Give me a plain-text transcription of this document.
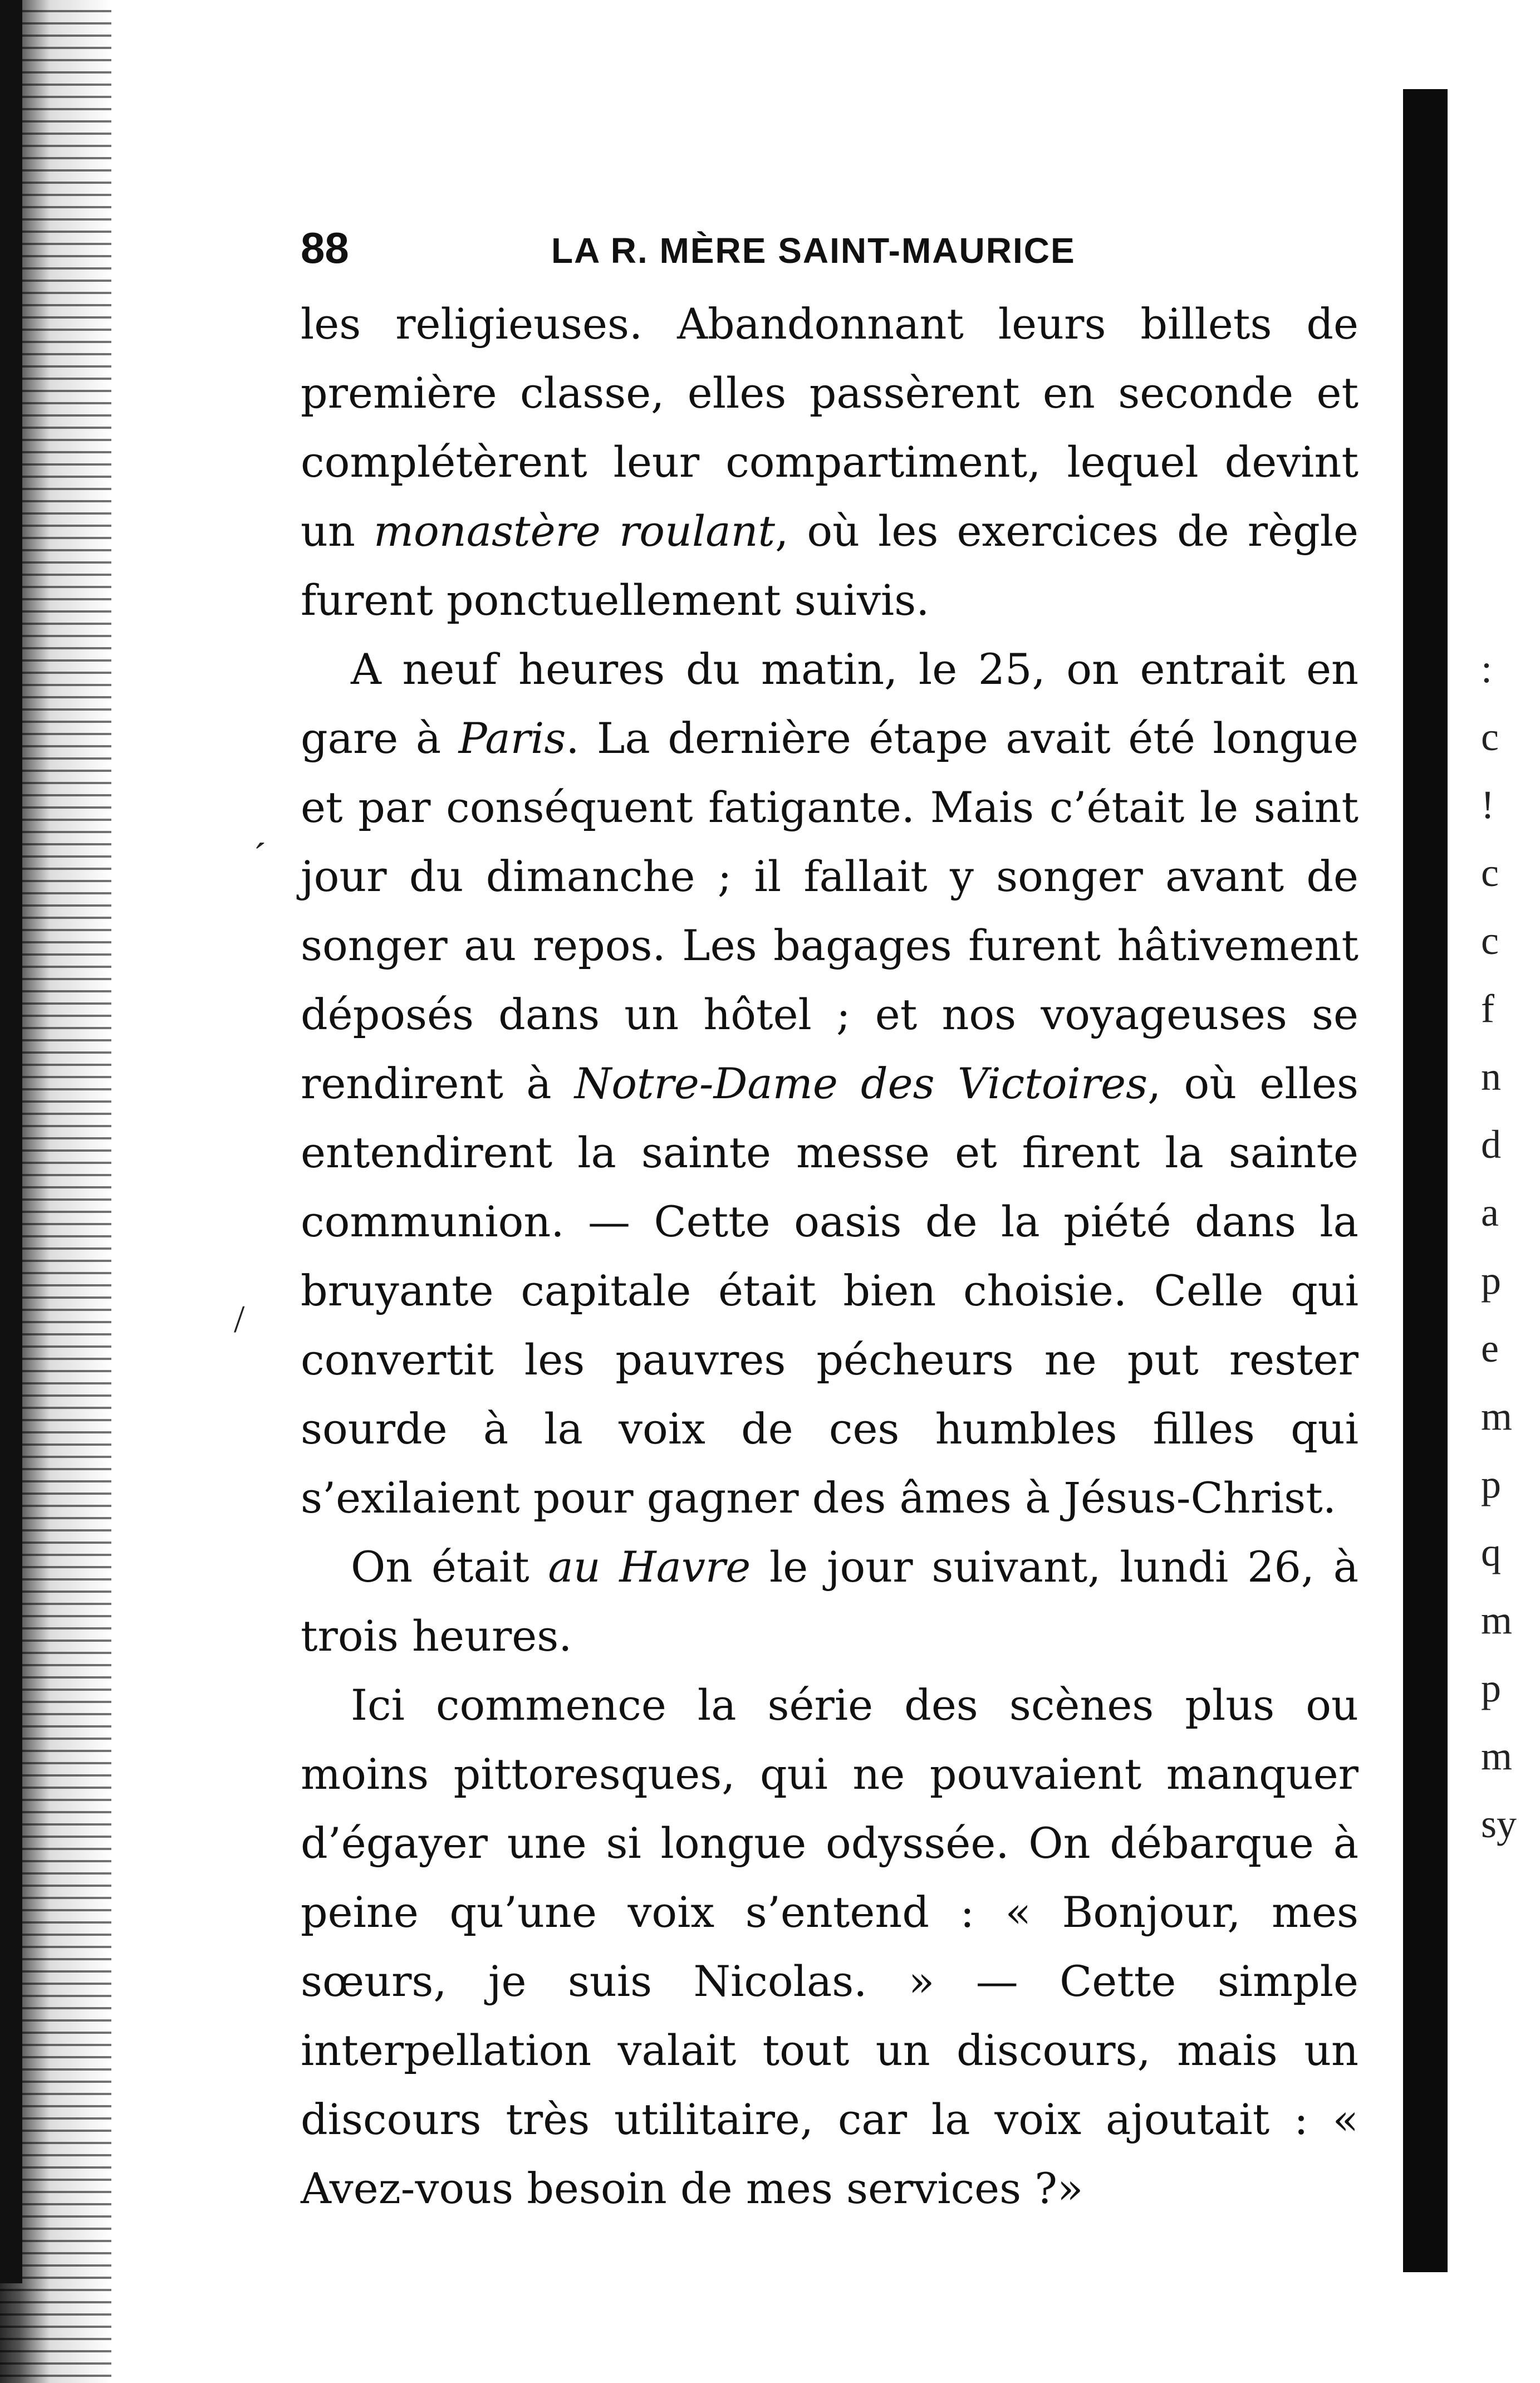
:
c
!
c
c
f
n
d
a
p
e
m
p
q
m
p
m
sy
88	LA R. MÈRE SAINT-MAURICE

les religieuses. Abandonnant leurs billets de première classe, elles passèrent en seconde et complétèrent leur compartiment, lequel devint un monastère roulant, où les exercices de règle furent ponctuellement suivis.

A neuf heures du matin, le 25, on entrait en gare à Paris. La dernière étape avait été longue et par conséquent fatigante. Mais c’était le saint jour du dimanche ; il fallait y songer avant de songer au repos. Les bagages furent hâtivement déposés dans un hôtel ; et nos voyageuses se rendirent à Notre-Dame des Victoires, où elles entendirent la sainte messe et firent la sainte communion. — Cette oasis de la piété dans la bruyante capitale était bien choisie. Celle qui convertit les pauvres pécheurs ne put rester sourde à la voix de ces humbles filles qui s’exilaient pour gagner des âmes à Jésus-Christ.

On était au Havre le jour suivant, lundi 26, à trois heures.

Ici commence la série des scènes plus ou moins pittoresques, qui ne pouvaient manquer d’égayer une si longue odyssée. On débarque à peine qu’une voix s’entend : « Bonjour, mes sœurs, je suis Nicolas. » — Cette simple interpellation valait tout un discours, mais un discours très utilitaire, car la voix ajoutait : « Avez-vous besoin de mes services ?»

ˊ
/
